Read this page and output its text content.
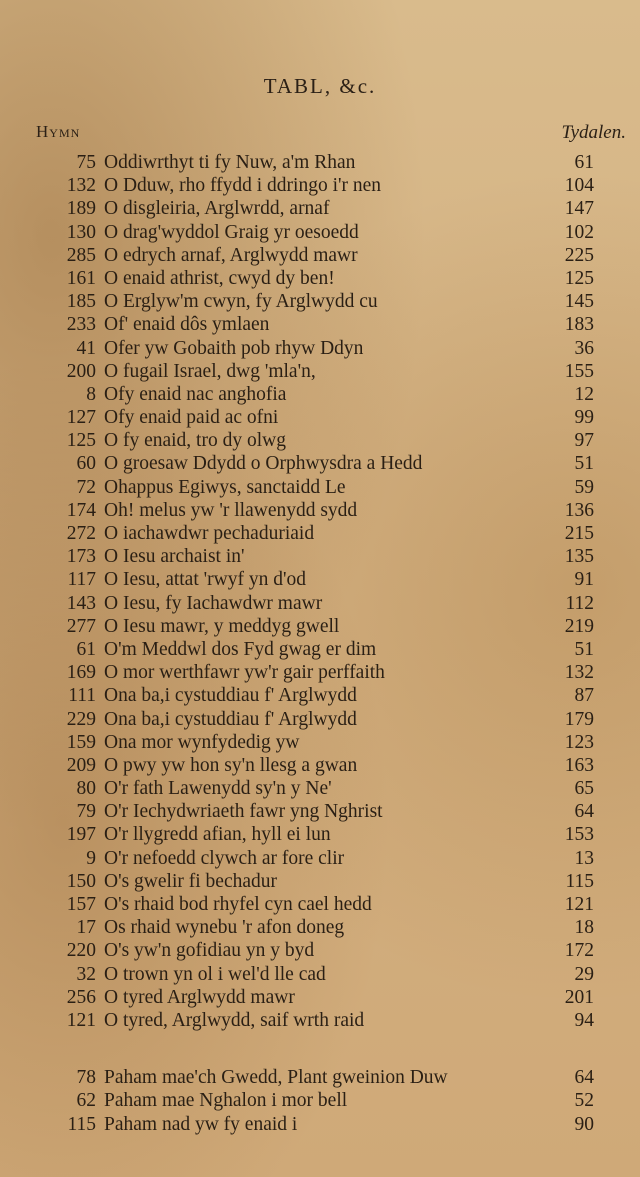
TABL, &c.
Hymn	Tydalen.
75 Oddiwrthyt ti fy Nuw, a'm Rhan	61
132 O Dduw, rho ffydd i ddringo i'r nen	104
189 O disgleiria, Arglwrdd, arnaf	147
130 O drag'wyddol Graig yr oesoedd	102
285 O edrych arnaf, Arglwydd mawr	225
161 O enaid athrist, cwyd dy ben!	125
185 O Erglyw'm cwyn, fy Arglwydd cu	145
233 Of' enaid dôs ymlaen	183
41 Ofer yw Gobaith pob rhyw Ddyn	36
200 O fugail Israel, dwg 'mla'n,	155
8 Ofy enaid nac anghofia	12
127 Ofy enaid paid ac ofni	99
125 O fy enaid, tro dy olwg	97
60 O groesaw Ddydd o Orphwysdra a Hedd	51
72 Ohappus Egiwys, sanctaidd Le	59
174 Oh! melus yw 'r llawenydd sydd	136
272 O iachawdwr pechaduriaid	215
173 O Iesu archaist in'	135
117 O Iesu, attat 'rwyf yn d'od	91
143 O Iesu, fy Iachawdwr mawr	112
277 O Iesu mawr, y meddyg gwell	219
61 O'm Meddwl dos Fyd gwag er dim	51
169 O mor werthfawr yw'r gair perffaith	132
111 Ona ba,i cystuddiau f' Arglwydd	87
229 Ona ba,i cystuddiau f' Arglwydd	179
159 Ona mor wynfydedig yw	123
209 O pwy yw hon sy'n llesg a gwan	163
80 O'r fath Lawenydd sy'n y Ne'	65
79 O'r Iechydwriaeth fawr yng Nghrist	64
197 O'r llygredd afian, hyll ei lun	153
9 O'r nefoedd clywch ar fore clir	13
150 O's gwelir fi bechadur	115
157 O's rhaid bod rhyfel cyn cael hedd	121
17 Os rhaid wynebu 'r afon doneg	18
220 O's yw'n gofidiau yn y byd	172
32 O trown yn ol i wel'd lle cad	29
256 O tyred Arglwydd mawr	201
121 O tyred, Arglwydd, saif wrth raid	94
78 Paham mae'ch Gwedd, Plant gweinion Duw	64
62 Paham mae Nghalon i mor bell	52
115 Paham nad yw fy enaid i	90
